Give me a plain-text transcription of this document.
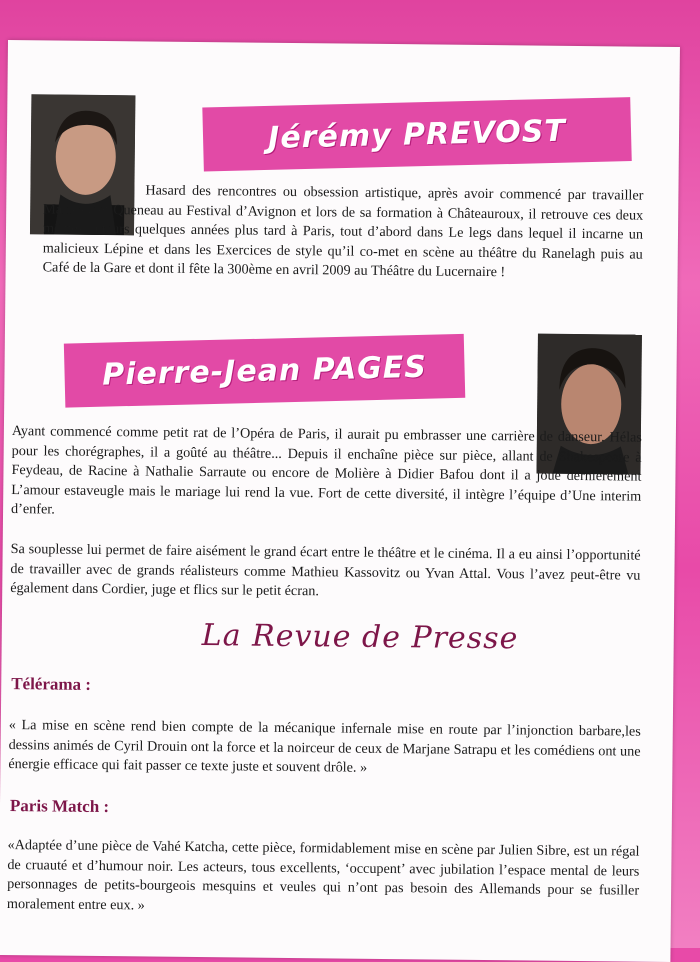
Jérémy PREVOST
Hasard des rencontres ou obsession artistique, après avoir commencé par travailler Marivauxet Queneau au Festival d’Avignon et lors de sa formation à Châteauroux, il retrouve ces deux mêmes auteurs quelques années plus tard à Paris, tout d’abord dans Le legs dans lequel il incarne un malicieux Lépine et dans les Exercices de style qu’il co-met en scène au théâtre du Ranelagh puis au Café de la Gare et dont il fête la 300ème en avril 2009 au Théâtre du Lucernaire !
Pierre-Jean PAGES
Ayant commencé comme petit rat de l’Opéra de Paris, il aurait pu embrasser une carrière de danseur. Hélas pour les chorégraphes, il a goûté au théâtre... Depuis il enchaîne pièce sur pièce, allant de Shakespeare à Feydeau, de Racine à Nathalie Sarraute ou encore de Molière à Didier Bafou dont il a joué dernièrement L’amour estaveugle mais le mariage lui rend la vue. Fort de cette diversité, il intègre l’équipe d’Une interim d’enfer.
Sa souplesse lui permet de faire aisément le grand écart entre le théâtre et le cinéma. Il a eu ainsi l’opportunité de travailler avec de grands réalisteurs comme Mathieu Kassovitz ou Yvan Attal. Vous l’avez peut-être vu également dans Cordier, juge et flics sur le petit écran.
La Revue de Presse
Télérama :
« La mise en scène rend bien compte de la mécanique infernale mise en route par l’injonction barbare,les dessins animés de Cyril Drouin ont la force et la noirceur de ceux de Marjane Satrapu et les comédiens ont une énergie efficace qui fait passer ce texte juste et souvent drôle. »
Paris Match :
«Adaptée d’une pièce de Vahé Katcha, cette pièce, formidablement mise en scène par Julien Sibre, est un régal de cruauté et d’humour noir. Les acteurs, tous excellents, ‘occupent’ avec jubilation l’espace mental de leurs personnages de petits-bourgeois mesquins et veules qui n’ont pas besoin des Allemands pour se fusiller moralement entre eux. »
